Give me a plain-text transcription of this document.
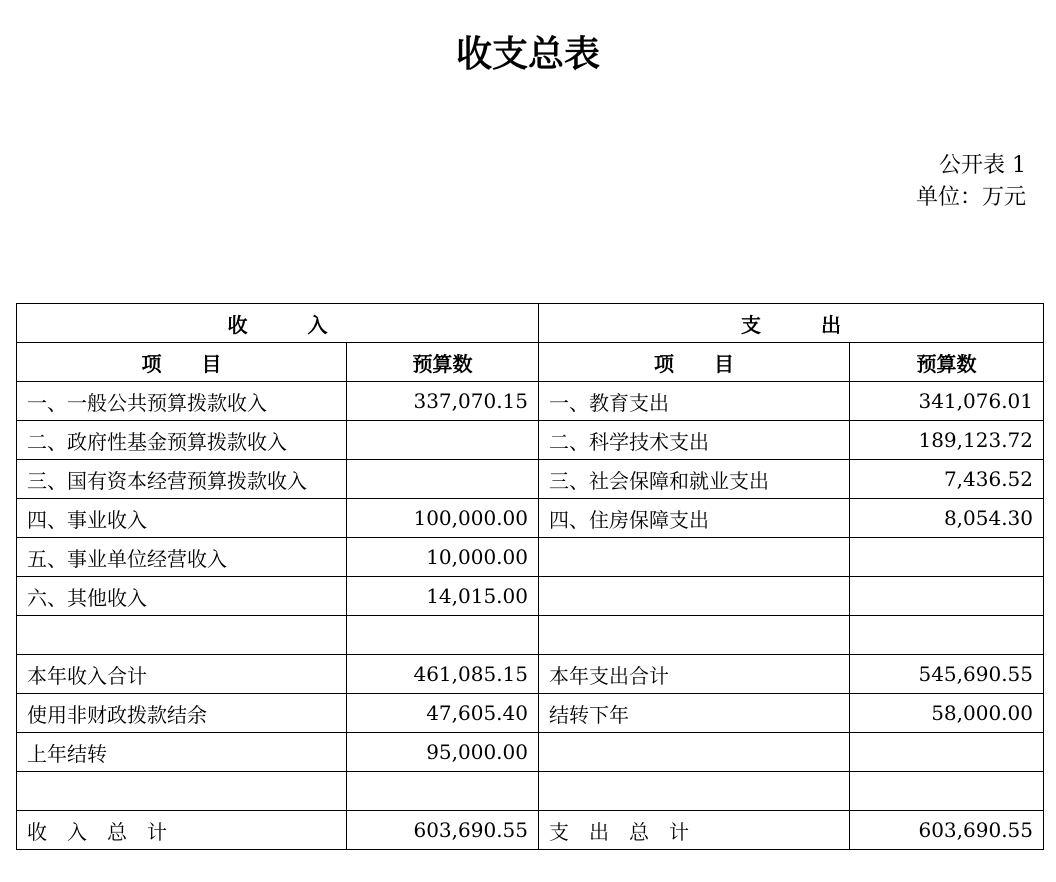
收支总表
公开表 1
单位：万元
收　　　入		支　　　出	
项　　目	预算数	项　　目	预算数
一、一般公共预算拨款收入	337,070.15	一、教育支出	341,076.01
二、政府性基金预算拨款收入		二、科学技术支出	189,123.72
三、国有资本经营预算拨款收入		三、社会保障和就业支出	7,436.52
四、事业收入	100,000.00	四、住房保障支出	8,054.30
五、事业单位经营收入	10,000.00		
六、其他收入	14,015.00		

本年收入合计	461,085.15	本年支出合计	545,690.55
使用非财政拨款结余	47,605.40	结转下年	58,000.00
上年结转	95,000.00		

收　入　总　计	603,690.55	支　出　总　计	603,690.55
